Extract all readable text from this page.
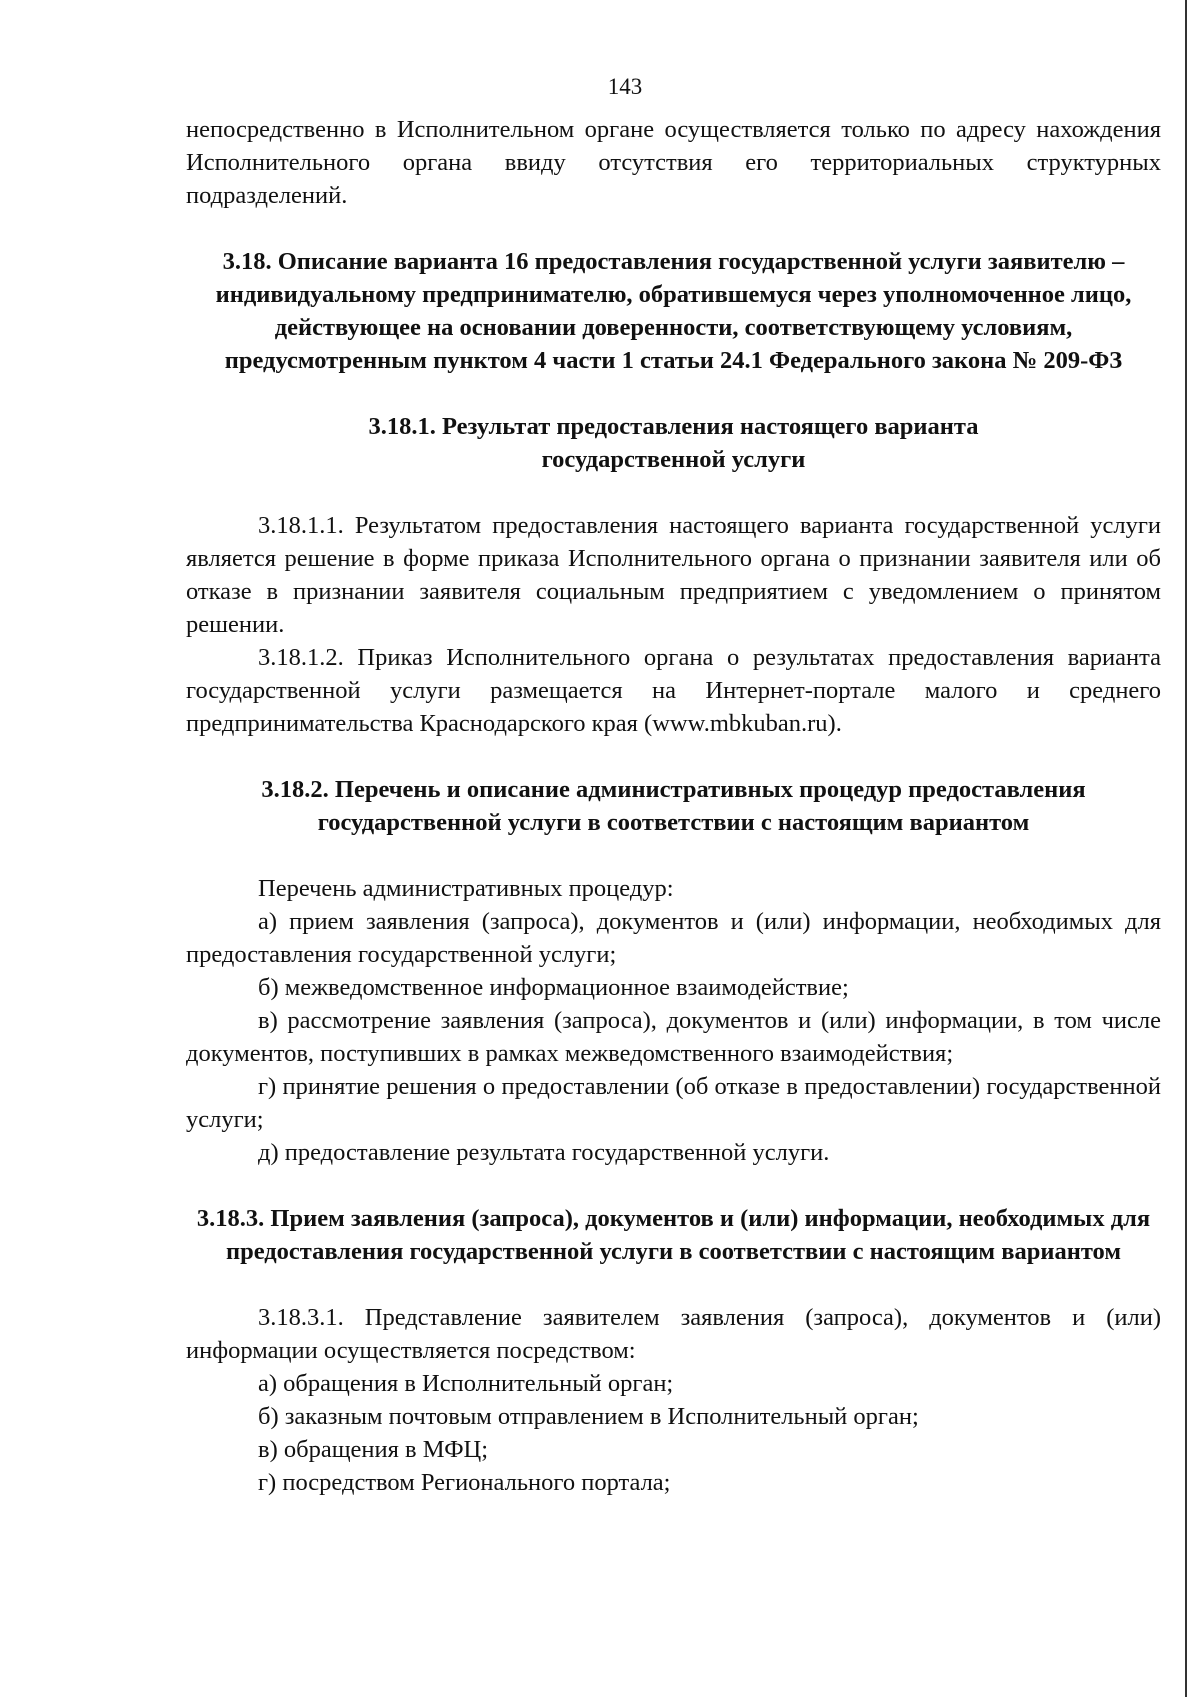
143

непосредственно в Исполнительном органе осуществляется только по адресу нахождения Исполнительного органа ввиду отсутствия его территориальных структурных подразделений.

3.18. Описание варианта 16 предоставления государственной услуги заявителю – индивидуальному предпринимателю, обратившемуся через уполномоченное лицо, действующее на основании доверенности, соответствующему условиям, предусмотренным пунктом 4 части 1 статьи 24.1 Федерального закона № 209-ФЗ
3.18.1. Результат предоставления настоящего варианта государственной услуги

3.18.1.1. Результатом предоставления настоящего варианта государственной услуги является решение в форме приказа Исполнительного органа о признании заявителя или об отказе в признании заявителя социальным предприятием с уведомлением о принятом решении.

3.18.1.2. Приказ Исполнительного органа о результатах предоставления варианта государственной услуги размещается на Интернет-портале малого и среднего предпринимательства Краснодарского края (www.mbkuban.ru).

3.18.2. Перечень и описание административных процедур предоставления государственной услуги в соответствии с настоящим вариантом

Перечень административных процедур:

а) прием заявления (запроса), документов и (или) информации, необходимых для предоставления государственной услуги;

б) межведомственное информационное взаимодействие;

в) рассмотрение заявления (запроса), документов и (или) информации, в том числе документов, поступивших в рамках межведомственного взаимодействия;

г) принятие решения о предоставлении (об отказе в предоставлении) государственной услуги;

д) предоставление результата государственной услуги.

3.18.3. Прием заявления (запроса), документов и (или) информации, необходимых для предоставления государственной услуги в соответствии с настоящим вариантом

3.18.3.1. Представление заявителем заявления (запроса), документов и (или) информации осуществляется посредством:

а) обращения в Исполнительный орган;

б) заказным почтовым отправлением в Исполнительный орган;

в) обращения в МФЦ;

г) посредством Регионального портала;
